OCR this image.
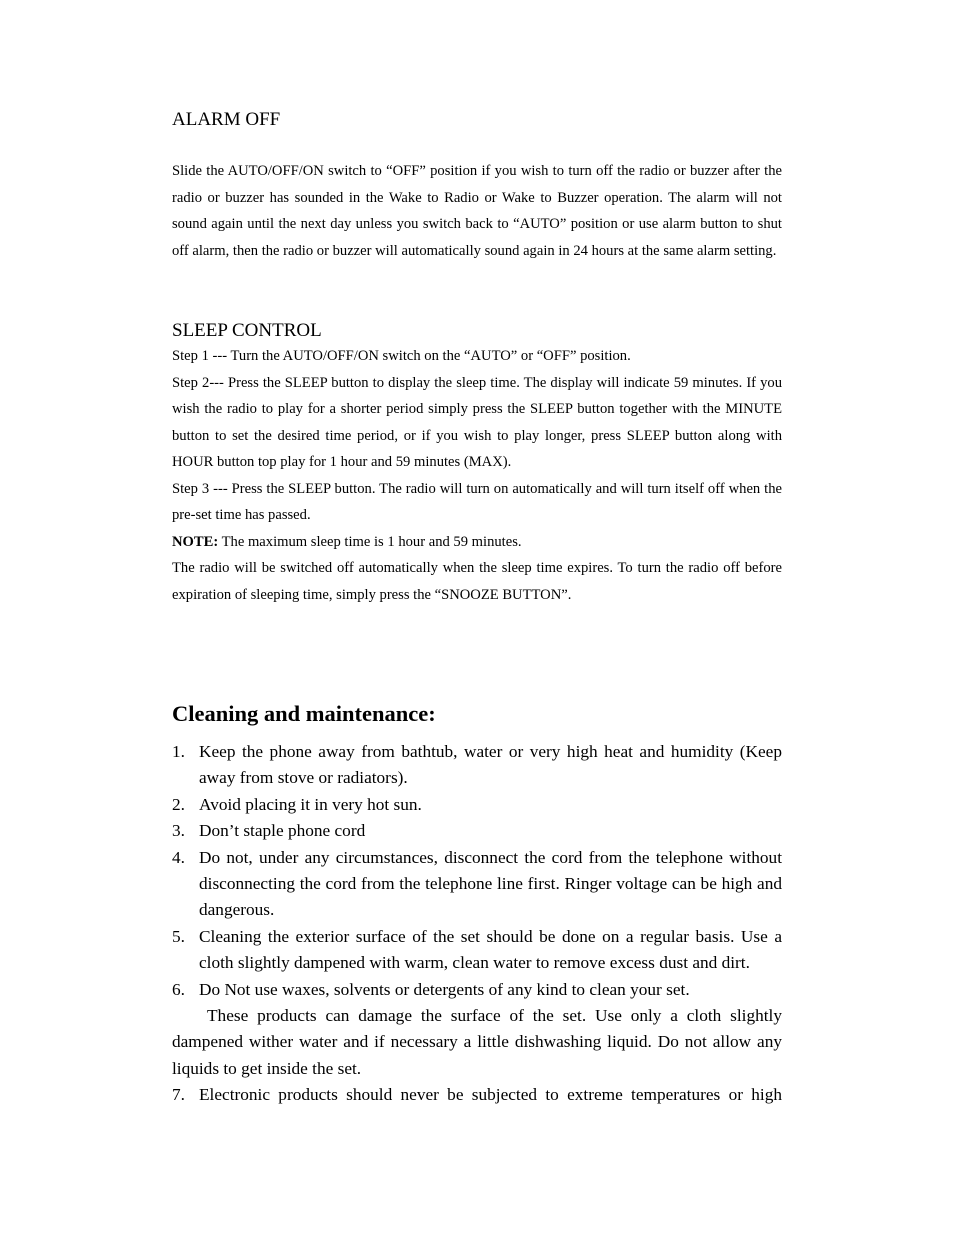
ALARM OFF

Slide the AUTO/OFF/ON switch to “OFF” position if you wish to turn off the radio or buzzer after the radio or buzzer has sounded in the Wake to Radio or Wake to Buzzer operation. The alarm will not sound again until the next day unless you switch back to “AUTO” position or use alarm button to shut off alarm, then the radio or buzzer will automatically sound again in 24 hours at the same alarm setting.

SLEEP CONTROL

Step 1 --- Turn the AUTO/OFF/ON switch on the “AUTO” or “OFF” position.

Step 2--- Press the SLEEP button to display the sleep time. The display will indicate 59 minutes. If you wish the radio to play for a shorter period simply press the SLEEP button together with the MINUTE button to set the desired time period, or if you wish to play longer, press SLEEP button along with HOUR button top play for 1 hour and 59 minutes (MAX).

Step 3 --- Press the SLEEP button. The radio will turn on automatically and will turn itself off when the pre-set time has passed.

NOTE: The maximum sleep time is 1 hour and 59 minutes.

The radio will be switched off automatically when the sleep time expires. To turn the radio off before expiration of sleeping time, simply press the “SNOOZE BUTTON”.

Cleaning and maintenance:
1. Keep the phone away from bathtub, water or very high heat and humidity (Keep away from stove or radiators).
2. Avoid placing it in very hot sun.
3. Don’t staple phone cord
4. Do not, under any circumstances, disconnect the cord from the telephone without disconnecting the cord from the telephone line first. Ringer voltage can be high and dangerous.
5. Cleaning the exterior surface of the set should be done on a regular basis. Use a cloth slightly dampened with warm, clean water to remove excess dust and dirt.
6. Do Not use waxes, solvents or detergents of any kind to clean your set.
These products can damage the surface of the set. Use only a cloth slightly dampened wither water and if necessary a little dishwashing liquid. Do not allow any liquids to get inside the set.
7. Electronic products should never be subjected to extreme temperatures or high
